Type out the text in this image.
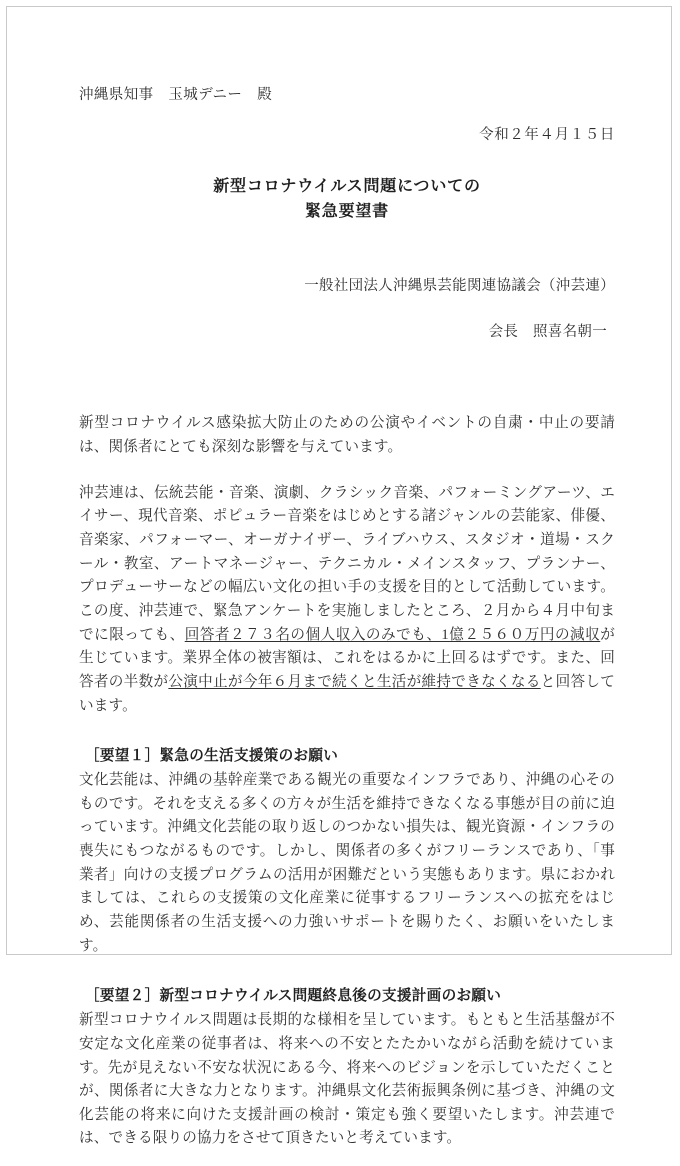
沖縄県知事　玉城デニー　殿
令和２年４月１５日
新型コロナウイルス問題についての
緊急要望書

一般社団法人沖縄県芸能関連協議会（沖芸連）

会長　照喜名朝一

新型コロナウイルス感染拡大防止のための公演やイベントの自粛・中止の要請は、関係者にとても深刻な影響を与えています。

沖芸連は、伝統芸能・音楽、演劇、クラシック音楽、パフォーミングアーツ、エイサー、現代音楽、ポピュラー音楽をはじめとする諸ジャンルの芸能家、俳優、音楽家、パフォーマー、オーガナイザー、ライブハウス、スタジオ・道場・スクール・教室、アートマネージャー、テクニカル・メインスタッフ、プランナー、プロデューサーなどの幅広い文化の担い手の支援を目的として活動しています。この度、沖芸連で、緊急アンケートを実施しましたところ、２月から４月中旬までに限っても、回答者２７３名の個人収入のみでも、1億２５６０万円の減収が生じています。業界全体の被害額は、これをはるかに上回るはずです。また、回答者の半数が公演中止が今年６月まで続くと生活が維持できなくなると回答しています。

［要望１］緊急の生活支援策のお願い

文化芸能は、沖縄の基幹産業である観光の重要なインフラであり、沖縄の心そのものです。それを支える多くの方々が生活を維持できなくなる事態が目の前に迫っています。沖縄文化芸能の取り返しのつかない損失は、観光資源・インフラの喪失にもつながるものです。しかし、関係者の多くがフリーランスであり、「事業者」向けの支援プログラムの活用が困難だという実態もあります。県におかれましては、これらの支援策の文化産業に従事するフリーランスへの拡充をはじめ、芸能関係者の生活支援への力強いサポートを賜りたく、お願いをいたします。

［要望２］新型コロナウイルス問題終息後の支援計画のお願い

新型コロナウイルス問題は長期的な様相を呈しています。もともと生活基盤が不安定な文化産業の従事者は、将来への不安とたたかいながら活動を続けています。先が見えない不安な状況にある今、将来へのビジョンを示していただくことが、関係者に大きな力となります。沖縄県文化芸術振興条例に基づき、沖縄の文化芸能の将来に向けた支援計画の検討・策定も強く要望いたします。沖芸連では、できる限りの協力をさせて頂きたいと考えています。
